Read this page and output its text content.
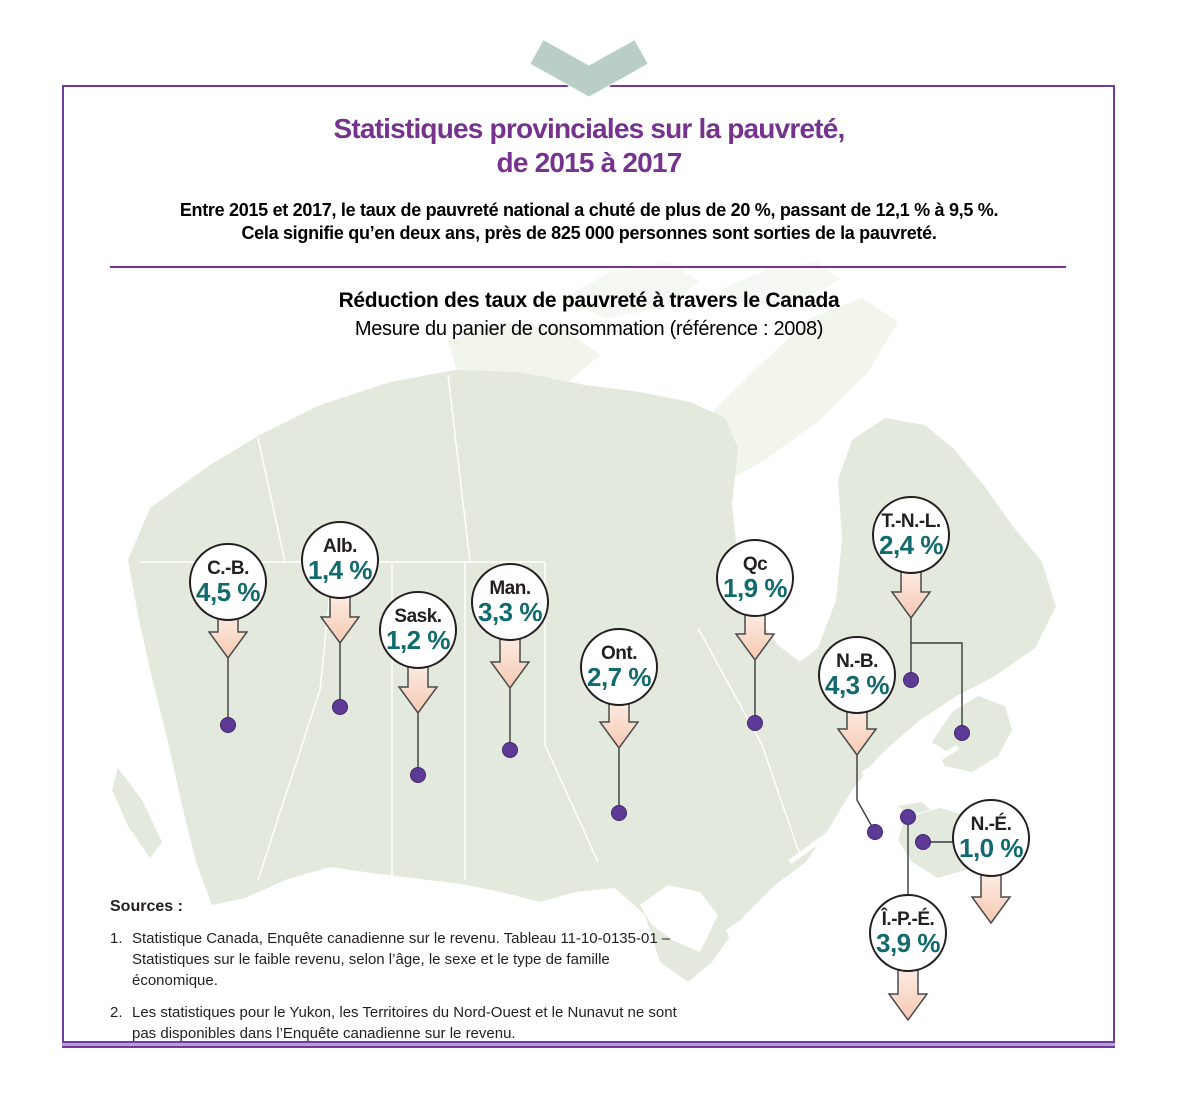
Statistiques provinciales sur la pauvreté,
de 2015 à 2017
Entre 2015 et 2017, le taux de pauvreté national a chuté de plus de 20 %, passant de 12,1 % à 9,5 %.
Cela signifie qu’en deux ans, près de 825 000 personnes sont sorties de la pauvreté.
Réduction des taux de pauvreté à travers le Canada
Mesure du panier de consommation (référence : 2008)
C.-B.
4,5 %
Alb.
1,4 %
Sask.
1,2 %
Man.
3,3 %
Ont.
2,7 %
Qc
1,9 %
N.-B.
4,3 %
T.-N.-L.
2,4 %
N.-É.
1,0 %
Î.-P.-É.
3,9 %
Sources :
1. Statistique Canada, Enquête canadienne sur le revenu. Tableau 11-10-0135-01 – Statistiques sur le faible revenu, selon l’âge, le sexe et le type de famille économique.
2. Les statistiques pour le Yukon, les Territoires du Nord-Ouest et le Nunavut ne sont pas disponibles dans l’Enquête canadienne sur le revenu.
